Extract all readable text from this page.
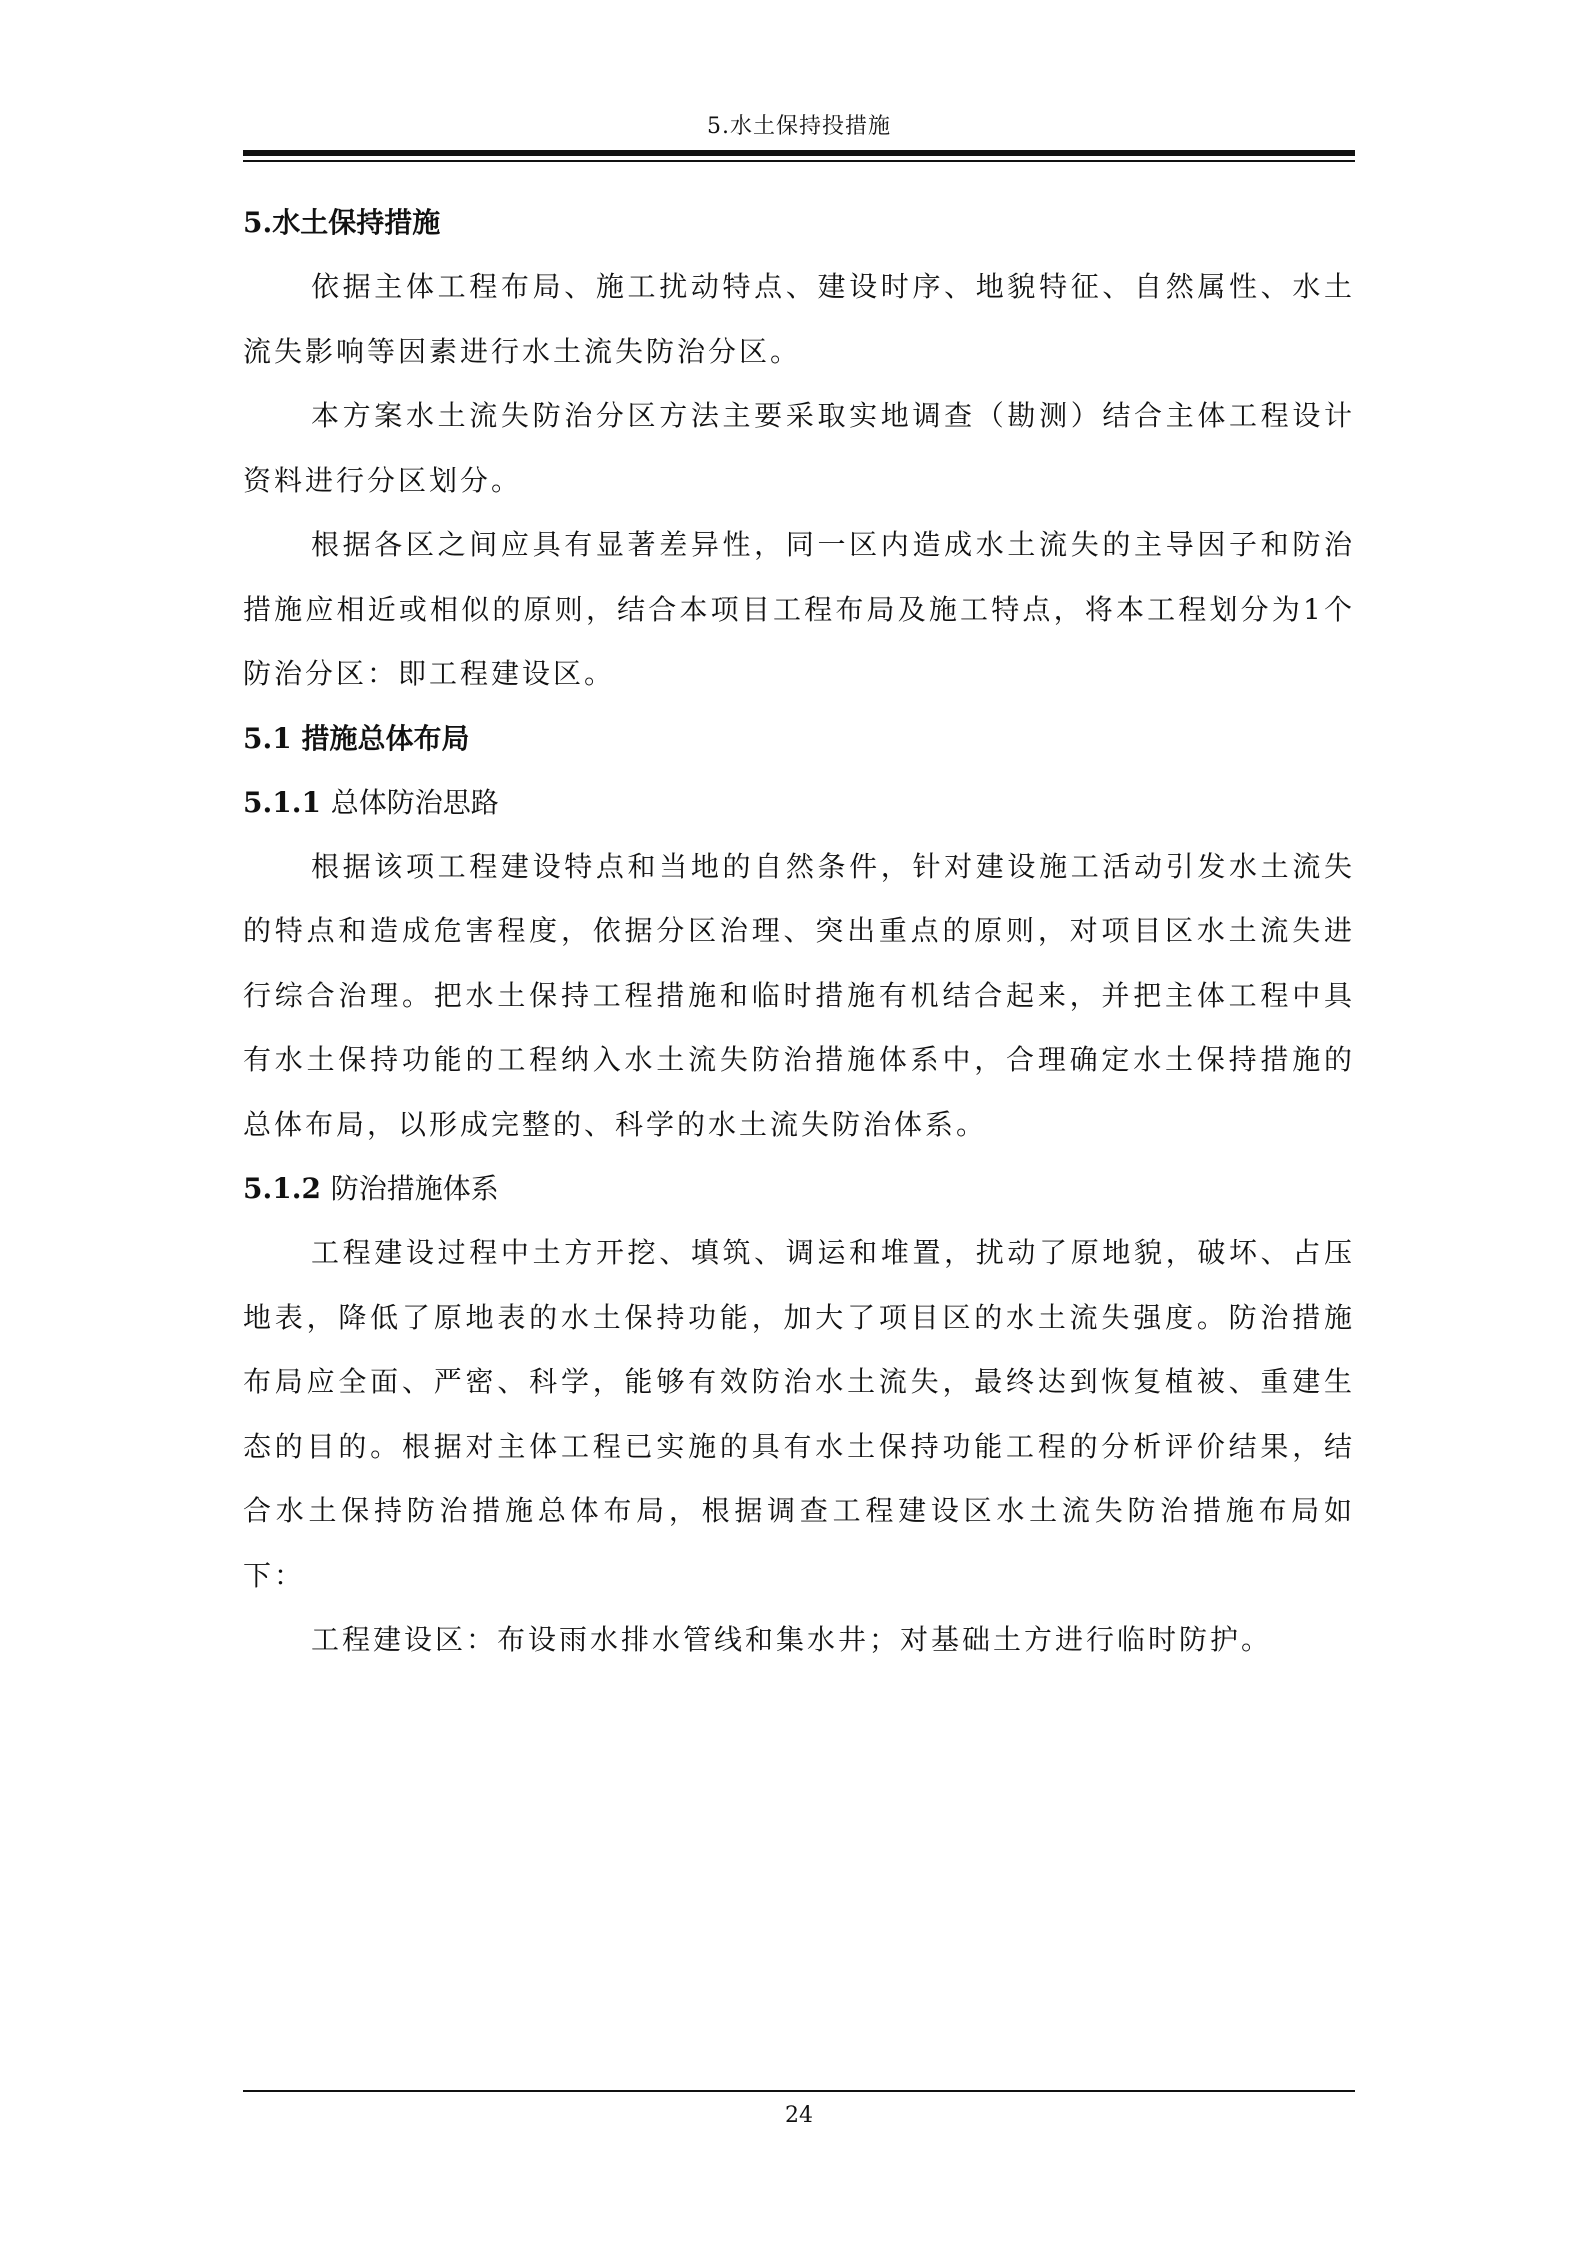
5.水土保持投措施
5.水土保持措施

依据主体工程布局、施工扰动特点、建设时序、地貌特征、自然属性、水土流失影响等因素进行水土流失防治分区。

本方案水土流失防治分区方法主要采取实地调查（勘测）结合主体工程设计资料进行分区划分。

根据各区之间应具有显著差异性，同一区内造成水土流失的主导因子和防治措施应相近或相似的原则，结合本项目工程布局及施工特点，将本工程划分为1个防治分区：即工程建设区。

5.1 措施总体布局
5.1.1 总体防治思路

根据该项工程建设特点和当地的自然条件，针对建设施工活动引发水土流失的特点和造成危害程度，依据分区治理、突出重点的原则，对项目区水土流失进行综合治理。把水土保持工程措施和临时措施有机结合起来，并把主体工程中具有水土保持功能的工程纳入水土流失防治措施体系中，合理确定水土保持措施的总体布局，以形成完整的、科学的水土流失防治体系。

5.1.2 防治措施体系

工程建设过程中土方开挖、填筑、调运和堆置，扰动了原地貌，破坏、占压地表，降低了原地表的水土保持功能，加大了项目区的水土流失强度。防治措施布局应全面、严密、科学，能够有效防治水土流失，最终达到恢复植被、重建生态的目的。根据对主体工程已实施的具有水土保持功能工程的分析评价结果，结合水土保持防治措施总体布局，根据调查工程建设区水土流失防治措施布局如下：

工程建设区：布设雨水排水管线和集水井；对基础土方进行临时防护。

24
